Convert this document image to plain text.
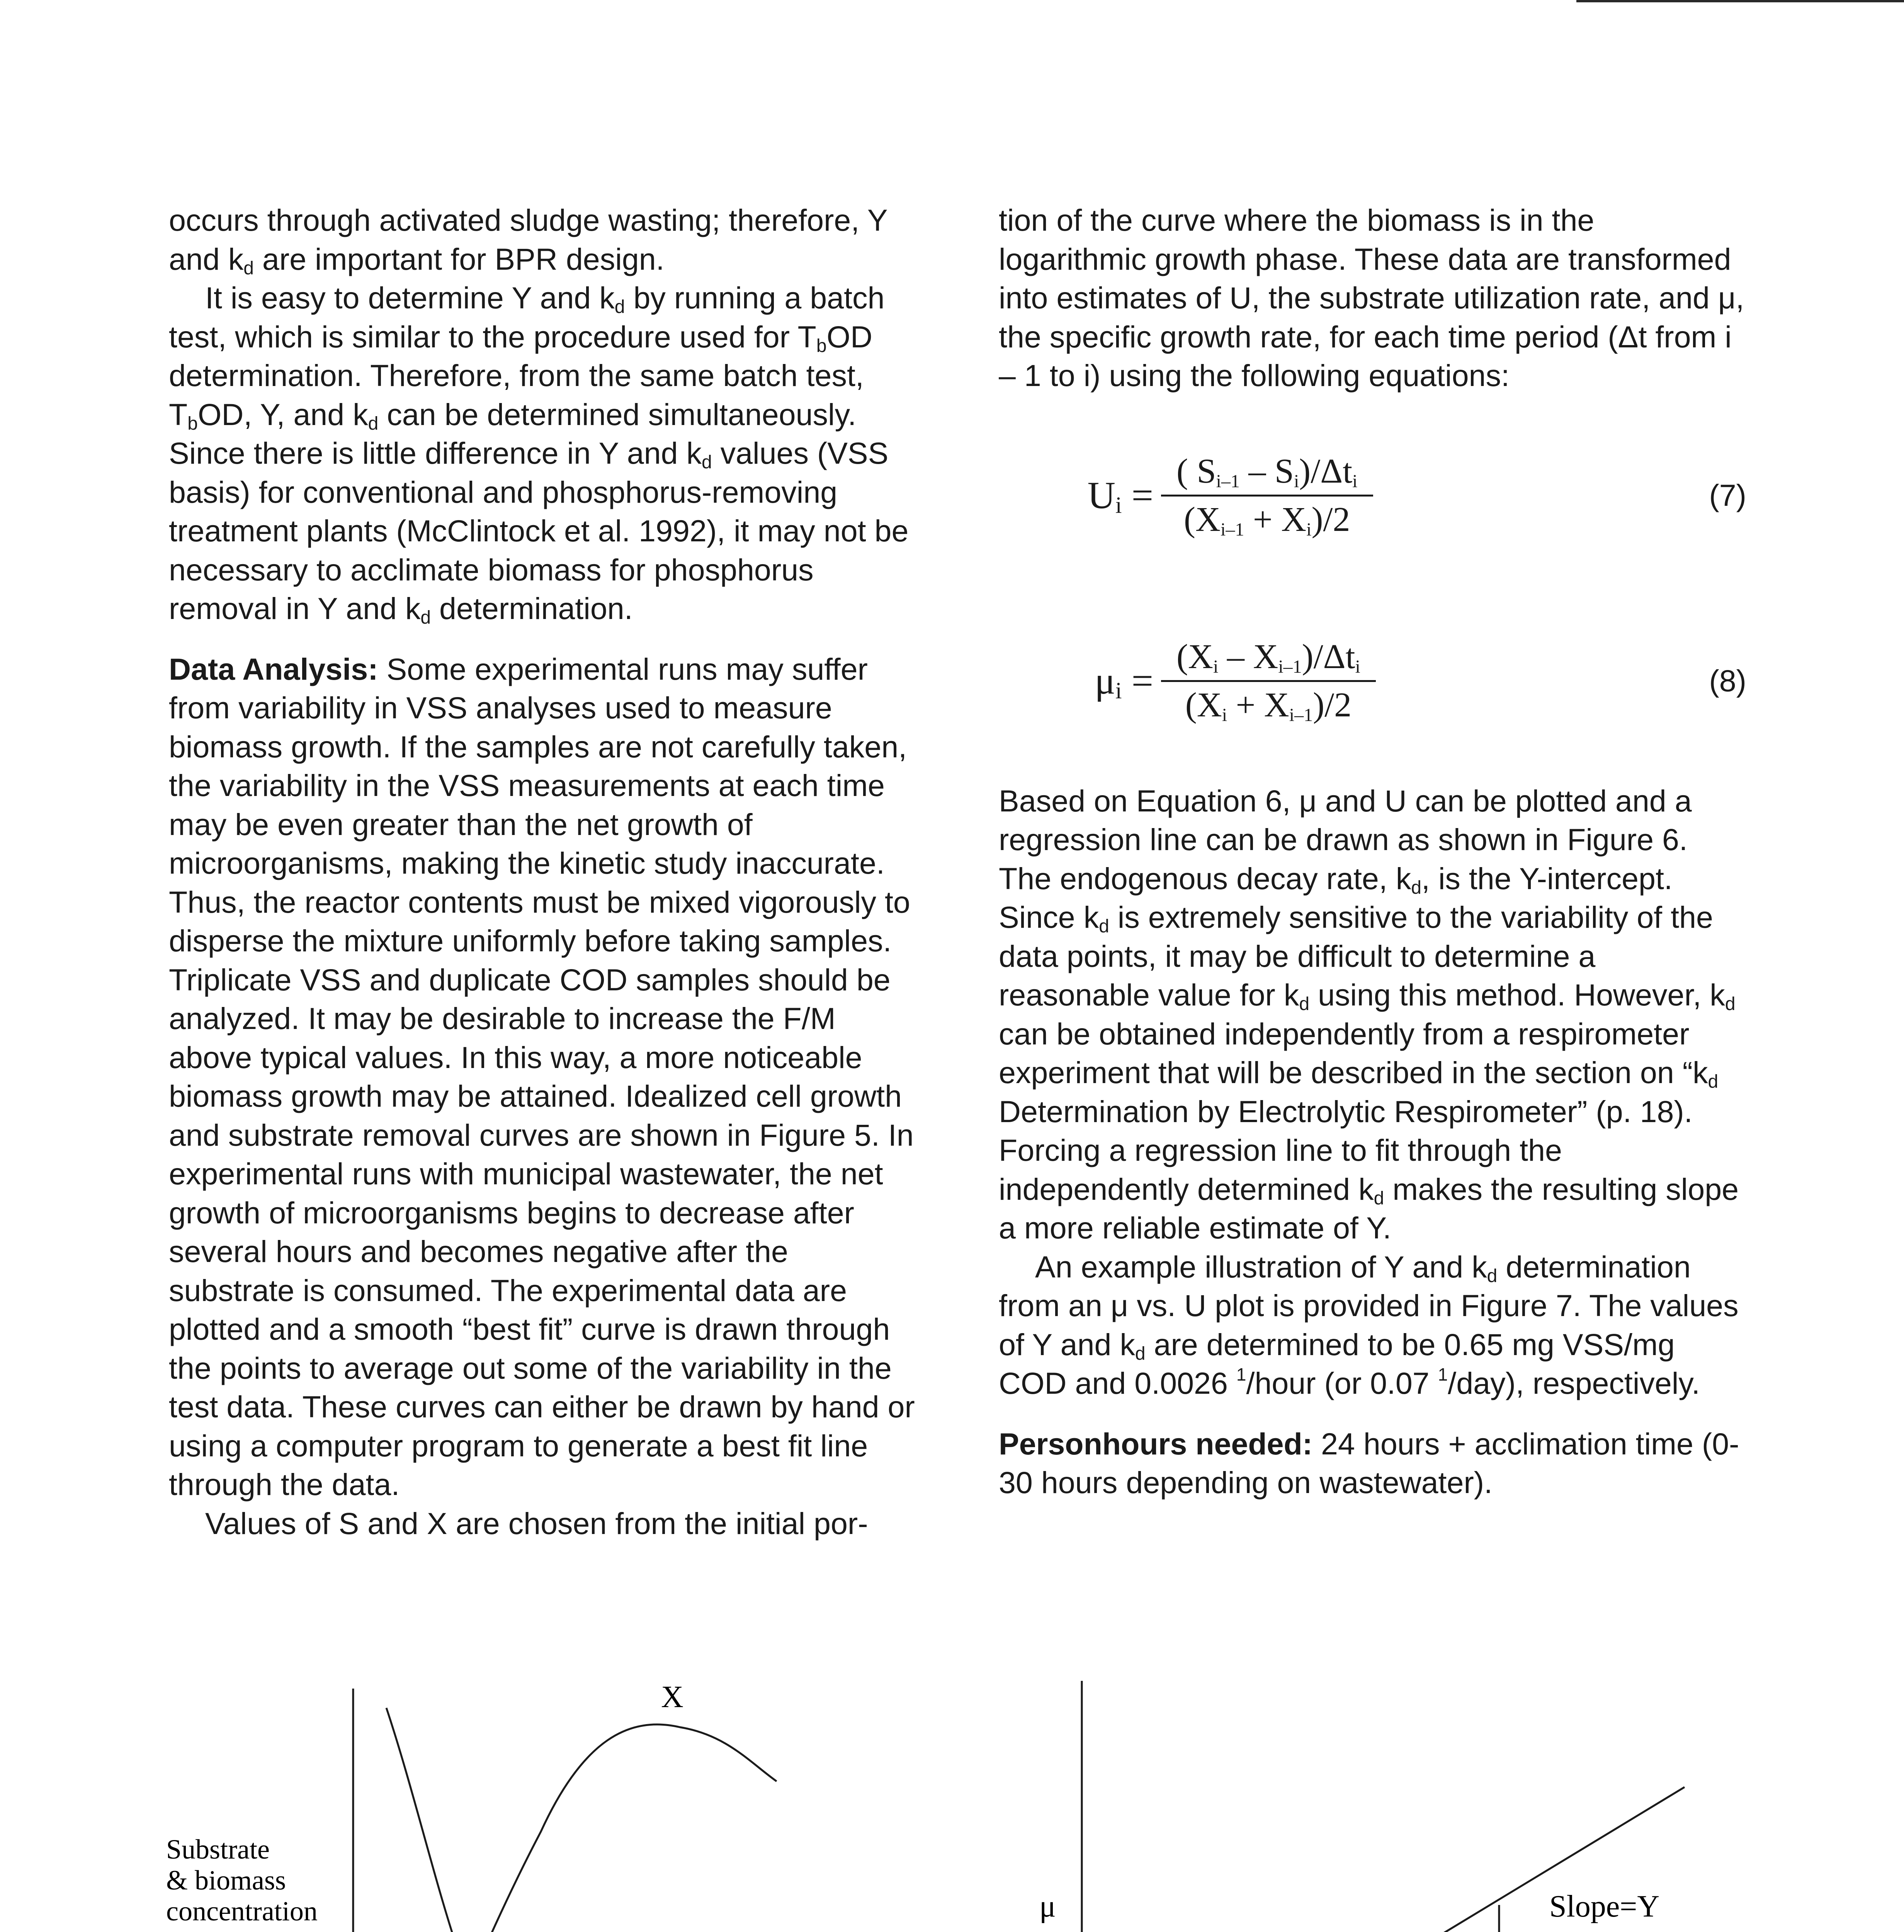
occurs through activated sludge wasting; therefore, Y and $k_d$ are important for BPR design.

It is easy to determine Y and $k_d$ by running a batch test, which is similar to the procedure used for $T_bOD$ determination. Therefore, from the same batch test, $T_bOD$, Y, and $k_d$ can be determined simultaneously. Since there is little difference in Y and $k_d$ values (VSS basis) for conventional and phosphorus-removing treatment plants (McClintock et al. 1992), it may not be necessary to acclimate biomass for phosphorus removal in Y and $k_d$ determination.

Data Analysis: Some experimental runs may suffer from variability in VSS analyses used to measure biomass growth. If the samples are not carefully taken, the variability in the VSS measurements at each time may be even greater than the net growth of microorganisms, making the kinetic study inaccurate. Thus, the reactor contents must be mixed vigorously to disperse the mixture uniformly before taking samples. Triplicate VSS and duplicate COD samples should be analyzed. It may be desirable to increase the F/M above typical values. In this way, a more noticeable biomass growth may be attained. Idealized cell growth and substrate removal curves are shown in Figure 5. In experimental runs with municipal wastewater, the net growth of microorganisms begins to decrease after several hours and becomes negative after the substrate is consumed. The experimental data are plotted and a smooth “best fit” curve is drawn through the points to average out some of the variability in the test data. These curves can either be drawn by hand or using a computer program to generate a best fit line through the data.

Values of S and X are chosen from the initial por-

tion of the curve where the biomass is in the logarithmic growth phase. These data are transformed into estimates of U, the substrate utilization rate, and μ, the specific growth rate, for each time period (Δt from i – 1 to i) using the following equations:

$U_i$ =
( $S_{i-1} - S_i)/\Delta t_i$
$(X_{i-1} + X_i)/2$
(7)
$\mu_i$ =
$(X_i - X_{i-1})/\Delta t_i$
$(X_i + X_{i-1})/2$
(8)

Based on Equation 6, μ and U can be plotted and a regression line can be drawn as shown in Figure 6. The endogenous decay rate, $k_d$, is the Y-intercept. Since $k_d$ is extremely sensitive to the variability of the data points, it may be difficult to determine a reasonable value for $k_d$ using this method. However, $k_d$ can be obtained independently from a respirometer experiment that will be described in the section on “$k_d$ Determination by Electrolytic Respirometer” (p. 18). Forcing a regression line to fit through the independently determined $k_d$ makes the resulting slope a more reliable estimate of Y.

An example illustration of Y and $k_d$ determination from an μ vs. U plot is provided in Figure 7. The values of Y and $k_d$ are determined to be 0.65 mg VSS/mg COD and 0.0026 $^1$/hour (or 0.07 $^1$/day), respectively.

Personhours needed: 24 hours + acclimation time (0-30 hours depending on wastewater).

X
Substrate
& biomass
concentration	μ	Slope=Y
